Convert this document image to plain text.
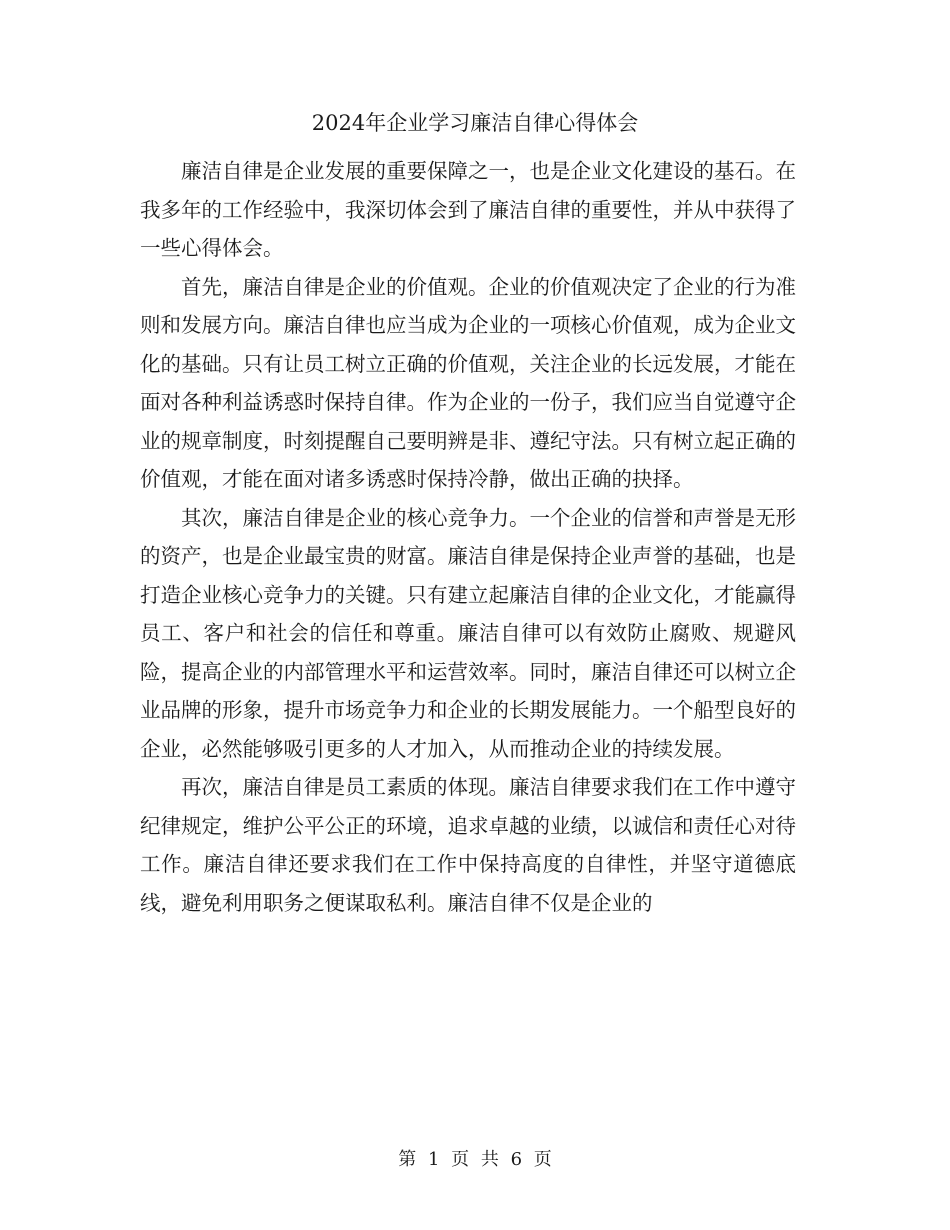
2024年企业学习廉洁自律心得体会

廉洁自律是企业发展的重要保障之一，也是企业文化建设的基石。在我多年的工作经验中，我深切体会到了廉洁自律的重要性，并从中获得了一些心得体会。

首先，廉洁自律是企业的价值观。企业的价值观决定了企业的行为准则和发展方向。廉洁自律也应当成为企业的一项核心价值观，成为企业文化的基础。只有让员工树立正确的价值观，关注企业的长远发展，才能在面对各种利益诱惑时保持自律。作为企业的一份子，我们应当自觉遵守企业的规章制度，时刻提醒自己要明辨是非、遵纪守法。只有树立起正确的价值观，才能在面对诸多诱惑时保持冷静，做出正确的抉择。

其次，廉洁自律是企业的核心竞争力。一个企业的信誉和声誉是无形的资产，也是企业最宝贵的财富。廉洁自律是保持企业声誉的基础，也是打造企业核心竞争力的关键。只有建立起廉洁自律的企业文化，才能赢得员工、客户和社会的信任和尊重。廉洁自律可以有效防止腐败、规避风险，提高企业的内部管理水平和运营效率。同时，廉洁自律还可以树立企业品牌的形象，提升市场竞争力和企业的长期发展能力。一个船型良好的企业，必然能够吸引更多的人才加入，从而推动企业的持续发展。

再次，廉洁自律是员工素质的体现。廉洁自律要求我们在工作中遵守纪律规定，维护公平公正的环境，追求卓越的业绩，以诚信和责任心对待工作。廉洁自律还要求我们在工作中保持高度的自律性，并坚守道德底线，避免利用职务之便谋取私利。廉洁自律不仅是企业的

第 1 页 共 6 页
